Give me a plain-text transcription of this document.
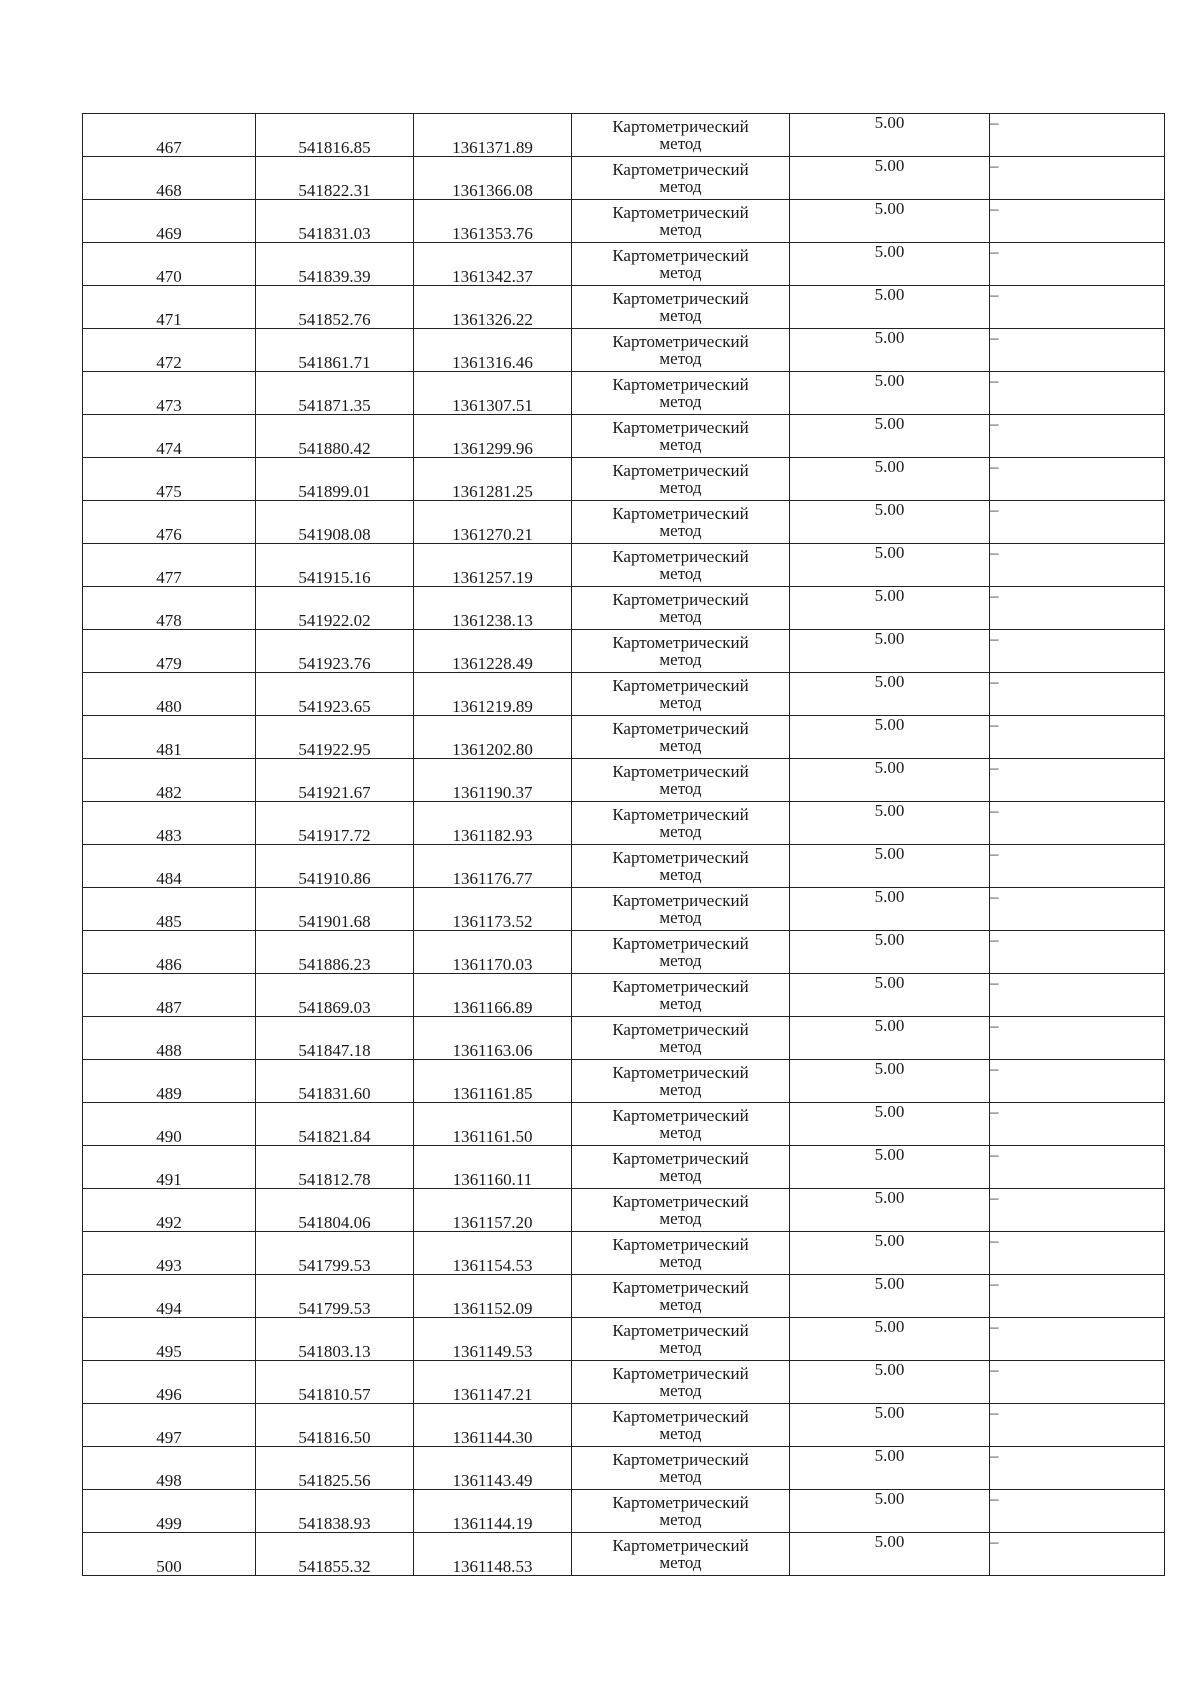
467	541816.85	1361371.89	Картометрический
метод	5.00	–
468	541822.31	1361366.08	Картометрический
метод	5.00	–
469	541831.03	1361353.76	Картометрический
метод	5.00	–
470	541839.39	1361342.37	Картометрический
метод	5.00	–
471	541852.76	1361326.22	Картометрический
метод	5.00	–
472	541861.71	1361316.46	Картометрический
метод	5.00	–
473	541871.35	1361307.51	Картометрический
метод	5.00	–
474	541880.42	1361299.96	Картометрический
метод	5.00	–
475	541899.01	1361281.25	Картометрический
метод	5.00	–
476	541908.08	1361270.21	Картометрический
метод	5.00	–
477	541915.16	1361257.19	Картометрический
метод	5.00	–
478	541922.02	1361238.13	Картометрический
метод	5.00	–
479	541923.76	1361228.49	Картометрический
метод	5.00	–
480	541923.65	1361219.89	Картометрический
метод	5.00	–
481	541922.95	1361202.80	Картометрический
метод	5.00	–
482	541921.67	1361190.37	Картометрический
метод	5.00	–
483	541917.72	1361182.93	Картометрический
метод	5.00	–
484	541910.86	1361176.77	Картометрический
метод	5.00	–
485	541901.68	1361173.52	Картометрический
метод	5.00	–
486	541886.23	1361170.03	Картометрический
метод	5.00	–
487	541869.03	1361166.89	Картометрический
метод	5.00	–
488	541847.18	1361163.06	Картометрический
метод	5.00	–
489	541831.60	1361161.85	Картометрический
метод	5.00	–
490	541821.84	1361161.50	Картометрический
метод	5.00	–
491	541812.78	1361160.11	Картометрический
метод	5.00	–
492	541804.06	1361157.20	Картометрический
метод	5.00	–
493	541799.53	1361154.53	Картометрический
метод	5.00	–
494	541799.53	1361152.09	Картометрический
метод	5.00	–
495	541803.13	1361149.53	Картометрический
метод	5.00	–
496	541810.57	1361147.21	Картометрический
метод	5.00	–
497	541816.50	1361144.30	Картометрический
метод	5.00	–
498	541825.56	1361143.49	Картометрический
метод	5.00	–
499	541838.93	1361144.19	Картометрический
метод	5.00	–
500	541855.32	1361148.53	Картометрический
метод	5.00	–
